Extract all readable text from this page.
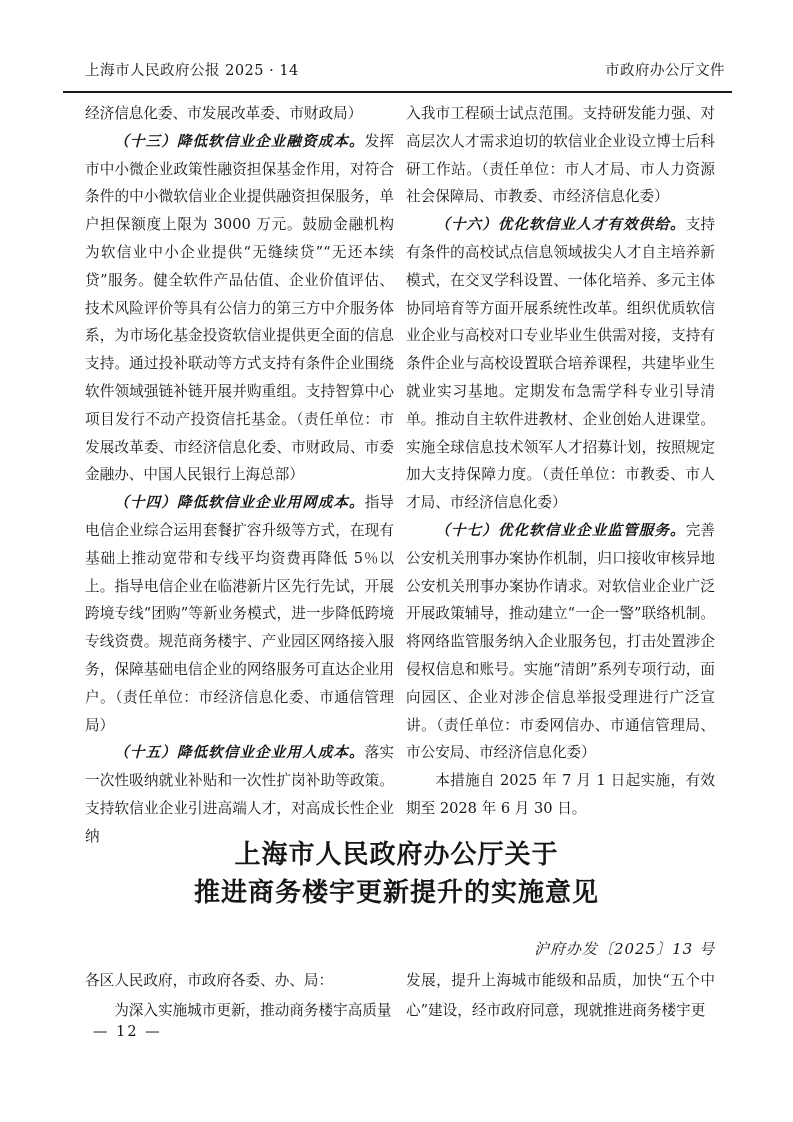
上海市人民政府公报 2025 · 14	市政府办公厅文件

经济信息化委、市发展改革委、市财政局）

（十三）降低软信业企业融资成本。发挥市中小微企业政策性融资担保基金作用，对符合条件的中小微软信业企业提供融资担保服务，单户担保额度上限为 3000 万元。鼓励金融机构为软信业中小企业提供“无缝续贷”“无还本续贷”服务。健全软件产品估值、企业价值评估、技术风险评价等具有公信力的第三方中介服务体系，为市场化基金投资软信业提供更全面的信息支持。通过投补联动等方式支持有条件企业围绕软件领域强链补链开展并购重组。支持智算中心项目发行不动产投资信托基金。（责任单位：市发展改革委、市经济信息化委、市财政局、市委金融办、中国人民银行上海总部）

（十四）降低软信业企业用网成本。指导电信企业综合运用套餐扩容升级等方式，在现有基础上推动宽带和专线平均资费再降低 5％以上。指导电信企业在临港新片区先行先试，开展跨境专线“团购”等新业务模式，进一步降低跨境专线资费。规范商务楼宇、产业园区网络接入服务，保障基础电信企业的网络服务可直达企业用户。（责任单位：市经济信息化委、市通信管理局）

（十五）降低软信业企业用人成本。落实一次性吸纳就业补贴和一次性扩岗补助等政策。支持软信业企业引进高端人才，对高成长性企业纳

入我市工程硕士试点范围。支持研发能力强、对高层次人才需求迫切的软信业企业设立博士后科研工作站。（责任单位：市人才局、市人力资源社会保障局、市教委、市经济信息化委）

（十六）优化软信业人才有效供给。支持有条件的高校试点信息领域拔尖人才自主培养新模式，在交叉学科设置、一体化培养、多元主体协同培育等方面开展系统性改革。组织优质软信业企业与高校对口专业毕业生供需对接，支持有条件企业与高校设置联合培养课程，共建毕业生就业实习基地。定期发布急需学科专业引导清单。推动自主软件进教材、企业创始人进课堂。实施全球信息技术领军人才招募计划，按照规定加大支持保障力度。（责任单位：市教委、市人才局、市经济信息化委）

（十七）优化软信业企业监管服务。完善公安机关刑事办案协作机制，归口接收审核异地公安机关刑事办案协作请求。对软信业企业广泛开展政策辅导，推动建立“一企一警”联络机制。将网络监管服务纳入企业服务包，打击处置涉企侵权信息和账号。实施“清朗”系列专项行动，面向园区、企业对涉企信息举报受理进行广泛宣讲。（责任单位：市委网信办、市通信管理局、市公安局、市经济信息化委）

本措施自 2025 年 7 月 1 日起实施，有效期至 2028 年 6 月 30 日。

上海市人民政府办公厅关于
推进商务楼宇更新提升的实施意见
沪府办发〔2025〕13 号

各区人民政府，市政府各委、办、局：

为深入实施城市更新，推动商务楼宇高质量

发展，提升上海城市能级和品质，加快“五个中心”建设，经市政府同意，现就推进商务楼宇更

— 12 —
